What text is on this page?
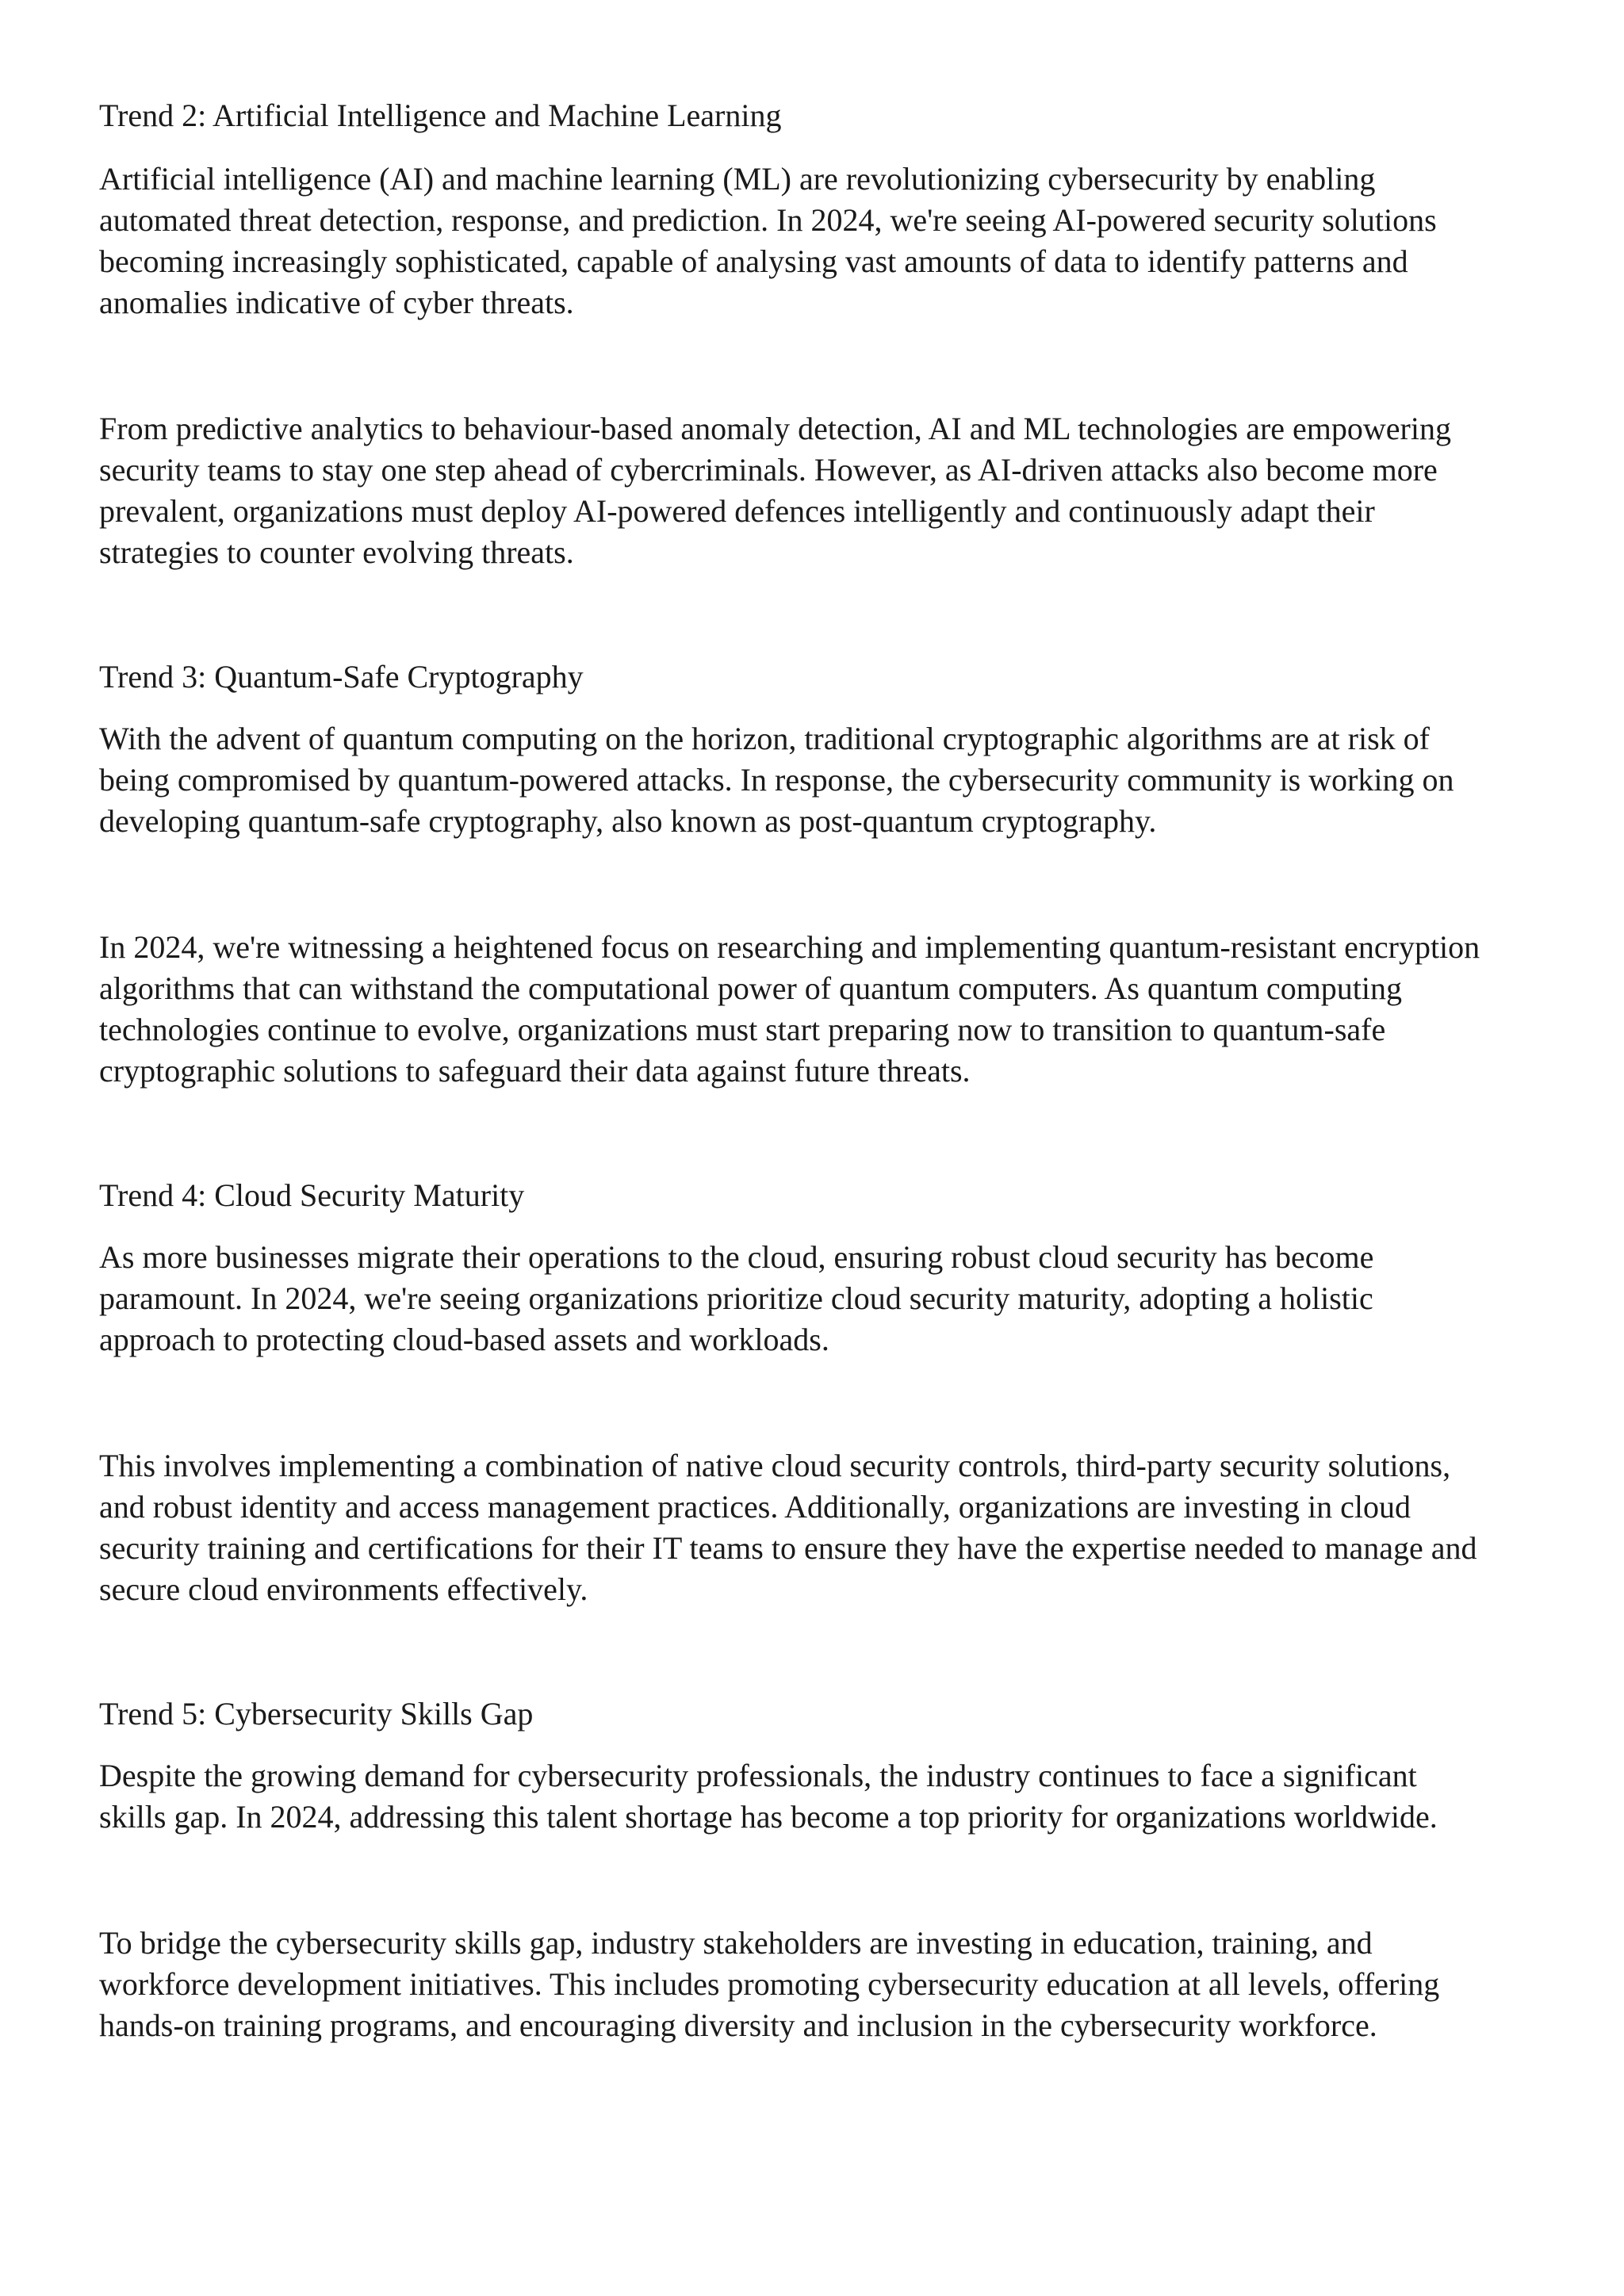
Trend 2: Artificial Intelligence and Machine Learning

Artificial intelligence (AI) and machine learning (ML) are revolutionizing cybersecurity by enabling
automated threat detection, response, and prediction. In 2024, we're seeing AI-powered security solutions
becoming increasingly sophisticated, capable of analysing vast amounts of data to identify patterns and
anomalies indicative of cyber threats.

From predictive analytics to behaviour-based anomaly detection, AI and ML technologies are empowering
security teams to stay one step ahead of cybercriminals. However, as AI-driven attacks also become more
prevalent, organizations must deploy AI-powered defences intelligently and continuously adapt their
strategies to counter evolving threats.

Trend 3: Quantum-Safe Cryptography

With the advent of quantum computing on the horizon, traditional cryptographic algorithms are at risk of
being compromised by quantum-powered attacks. In response, the cybersecurity community is working on
developing quantum-safe cryptography, also known as post-quantum cryptography.

In 2024, we're witnessing a heightened focus on researching and implementing quantum-resistant encryption
algorithms that can withstand the computational power of quantum computers. As quantum computing
technologies continue to evolve, organizations must start preparing now to transition to quantum-safe
cryptographic solutions to safeguard their data against future threats.

Trend 4: Cloud Security Maturity

As more businesses migrate their operations to the cloud, ensuring robust cloud security has become
paramount. In 2024, we're seeing organizations prioritize cloud security maturity, adopting a holistic
approach to protecting cloud-based assets and workloads.

This involves implementing a combination of native cloud security controls, third-party security solutions,
and robust identity and access management practices. Additionally, organizations are investing in cloud
security training and certifications for their IT teams to ensure they have the expertise needed to manage and
secure cloud environments effectively.

Trend 5: Cybersecurity Skills Gap

Despite the growing demand for cybersecurity professionals, the industry continues to face a significant
skills gap. In 2024, addressing this talent shortage has become a top priority for organizations worldwide.

To bridge the cybersecurity skills gap, industry stakeholders are investing in education, training, and
workforce development initiatives. This includes promoting cybersecurity education at all levels, offering
hands-on training programs, and encouraging diversity and inclusion in the cybersecurity workforce.
